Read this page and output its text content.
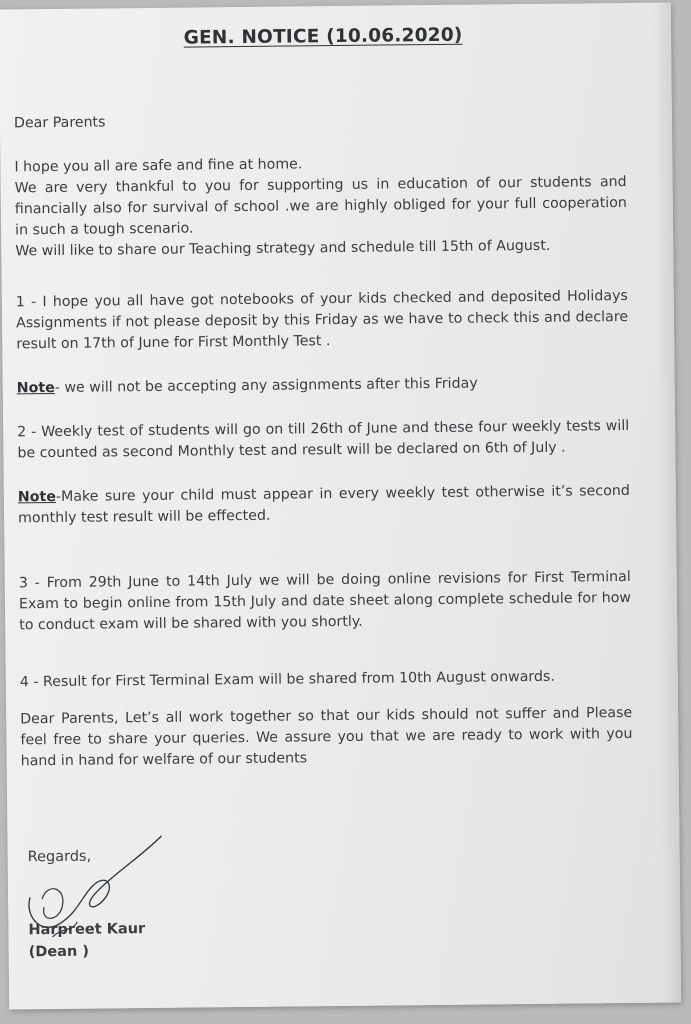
GEN. NOTICE (10.06.2020)
Dear Parents

I hope you all are safe and fine at home.

We are very thankful to you for supporting us in education of our students and financially also for survival of school .we are highly obliged for your full cooperation in such a tough scenario.

We will like to share our Teaching strategy and schedule till 15th of August.

1 - I hope you all have got notebooks of your kids checked and deposited Holidays Assignments if not please deposit by this Friday as we have to check this and declare result on 17th of June for First Monthly Test .
Note- we will not be accepting any assignments after this Friday
2 - Weekly test of students will go on till 26th of June and these four weekly tests will be counted as second Monthly test and result will be declared on 6th of July .
Note-Make sure your child must appear in every weekly test otherwise it’s second monthly test result will be effected.
3 - From 29th June to 14th July we will be doing online revisions for First Terminal Exam to begin online from 15th July and date sheet along complete schedule for how to conduct exam will be shared with you shortly.
4 - Result for First Terminal Exam will be shared from 10th August onwards.
Dear Parents, Let’s all work together so that our kids should not suffer and Please feel free to share your queries. We assure you that we are ready to work with you hand in hand for welfare of our students
Regards,
Harpreet Kaur
(Dean )
